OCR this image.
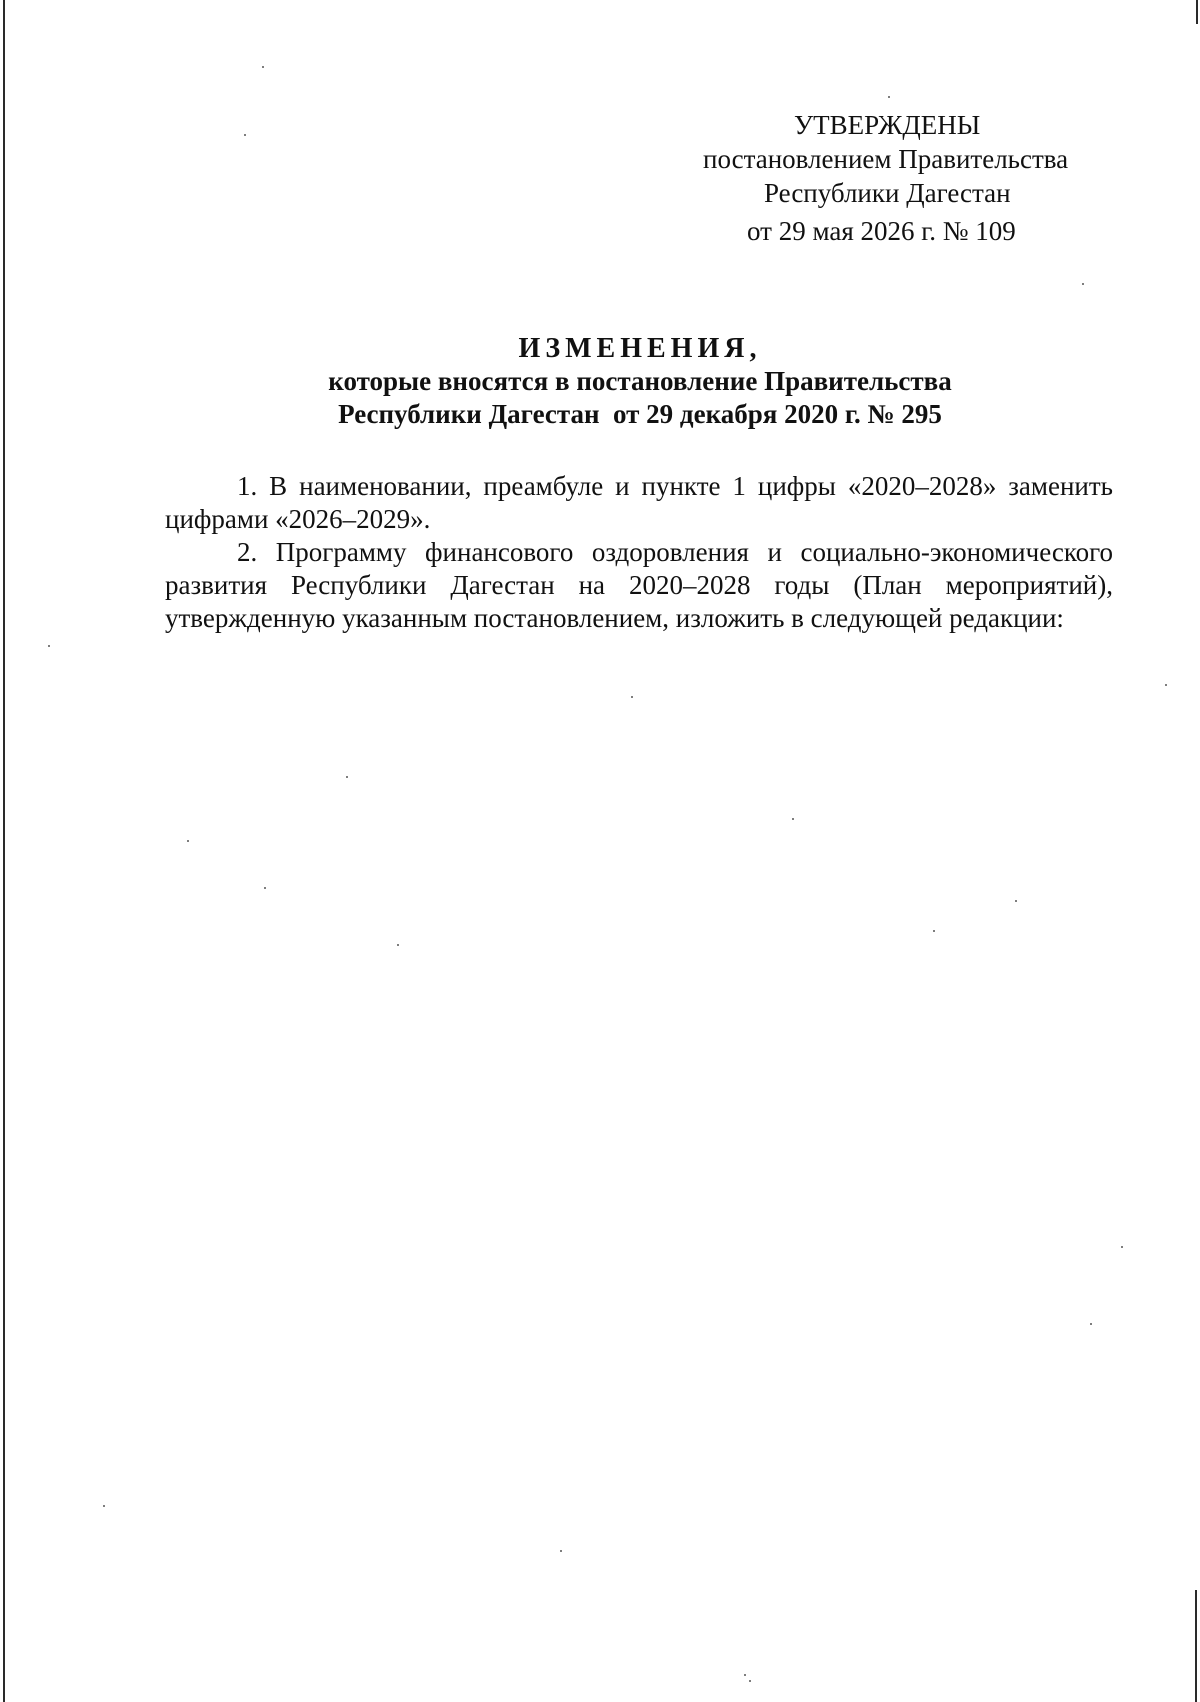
УТВЕРЖДЕНЫ
постановлением Правительства
Республики Дагестан
от 29 мая 2026 г. № 109
ИЗМЕНЕНИЯ,
которые вносятся в постановление Правительства
Республики Дагестан  от 29 декабря 2020 г. № 295

1. В наименовании, преамбуле и пункте 1 цифры «2020–2028» заменить цифрами «2026–2029».

2. Программу финансового оздоровления и социально-экономического развития Республики Дагестан на 2020–2028 годы (План мероприятий), утвержденную указанным постановлением, изложить в следующей редакции:
